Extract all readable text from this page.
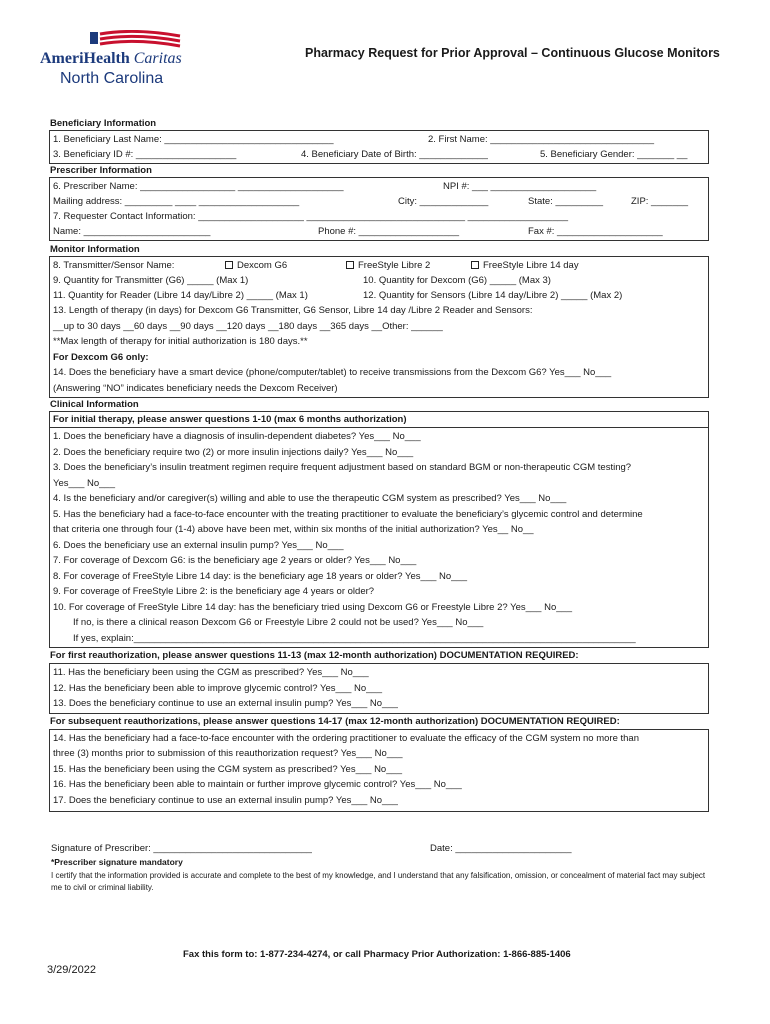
AmeriHealth Caritas
North Carolina
Pharmacy Request for Prior Approval – Continuous Glucose Monitors
Beneficiary Information
1. Beneficiary Last Name: ________________________________	2. First Name: _______________________________
3. Beneficiary ID #: ___________________	4. Beneficiary Date of Birth: _____________	5. Beneficiary Gender: _______ __
Prescriber Information
6. Prescriber Name: __________________ ____________________	NPI #: ___ ____________________
Mailing address: _________ ____ ___________________	City: _____________	State: _________	ZIP: _______
7. Requester Contact Information: ____________________ ______________________________ ___________________
Name: ________________________	Phone #: ___________________	Fax #: ____________________
Monitor Information
8. Transmitter/Sensor Name:	Dexcom G6	FreeStyle Libre 2	FreeStyle Libre 14 day
9. Quantity for Transmitter (G6) _____ (Max 1)	10. Quantity for Dexcom (G6) _____ (Max 3)
11. Quantity for Reader (Libre 14 day/Libre 2) _____ (Max 1)	12. Quantity for Sensors (Libre 14 day/Libre 2) _____ (Max 2)
13. Length of therapy (in days) for Dexcom G6 Transmitter, G6 Sensor, Libre 14 day /Libre 2 Reader and Sensors:
__up to 30 days __60 days __90 days __120 days __180 days __365 days __Other: ______
**Max length of therapy for initial authorization is 180 days.**
For Dexcom G6 only:
14. Does the beneficiary have a smart device (phone/computer/tablet) to receive transmissions from the Dexcom G6? Yes___ No___
(Answering “NO” indicates beneficiary needs the Dexcom Receiver)
Clinical Information
For initial therapy, please answer questions 1-10 (max 6 months authorization)
1. Does the beneficiary have a diagnosis of insulin-dependent diabetes? Yes___ No___
2. Does the beneficiary require two (2) or more insulin injections daily? Yes___ No___
3. Does the beneficiary’s insulin treatment regimen require frequent adjustment based on standard BGM or non-therapeutic CGM testing?
Yes___ No___
4. Is the beneficiary and/or caregiver(s) willing and able to use the therapeutic CGM system as prescribed? Yes___ No___
5. Has the beneficiary had a face-to-face encounter with the treating practitioner to evaluate the beneficiary’s glycemic control and determine
that criteria one through four (1-4) above have been met, within six months of the initial authorization? Yes__ No__
6. Does the beneficiary use an external insulin pump? Yes___ No___
7. For coverage of Dexcom G6: is the beneficiary age 2 years or older? Yes___ No___
8. For coverage of FreeStyle Libre 14 day: is the beneficiary age 18 years or older? Yes___ No___
9. For coverage of FreeStyle Libre 2: is the beneficiary age 4 years or older?
10. For coverage of FreeStyle Libre 14 day: has the beneficiary tried using Dexcom G6 or Freestyle Libre 2? Yes___ No___
If no, is there a clinical reason Dexcom G6 or Freestyle Libre 2 could not be used? Yes___ No___
If yes, explain:_______________________________________________________________________________________________
For first reauthorization, please answer questions 11-13 (max 12-month authorization) DOCUMENTATION REQUIRED:
11. Has the beneficiary been using the CGM as prescribed? Yes___ No___
12. Has the beneficiary been able to improve glycemic control? Yes___ No___
13. Does the beneficiary continue to use an external insulin pump? Yes___ No___
For subsequent reauthorizations, please answer questions 14-17 (max 12-month authorization) DOCUMENTATION REQUIRED:
14. Has the beneficiary had a face-to-face encounter with the ordering practitioner to evaluate the efficacy of the CGM system no more than
three (3) months prior to submission of this reauthorization request? Yes___ No___
15. Has the beneficiary been using the CGM system as prescribed? Yes___ No___
16. Has the beneficiary been able to maintain or further improve glycemic control? Yes___ No___
17. Does the beneficiary continue to use an external insulin pump? Yes___ No___
Signature of Prescriber: ______________________________	Date: ______________________
*Prescriber signature mandatory
I certify that the information provided is accurate and complete to the best of my knowledge, and I understand that any falsification, omission, or concealment of material fact may subject me to civil or criminal liability.
Fax this form to: 1-877-234-4274, or call Pharmacy Prior Authorization: 1-866-885-1406
3/29/2022
